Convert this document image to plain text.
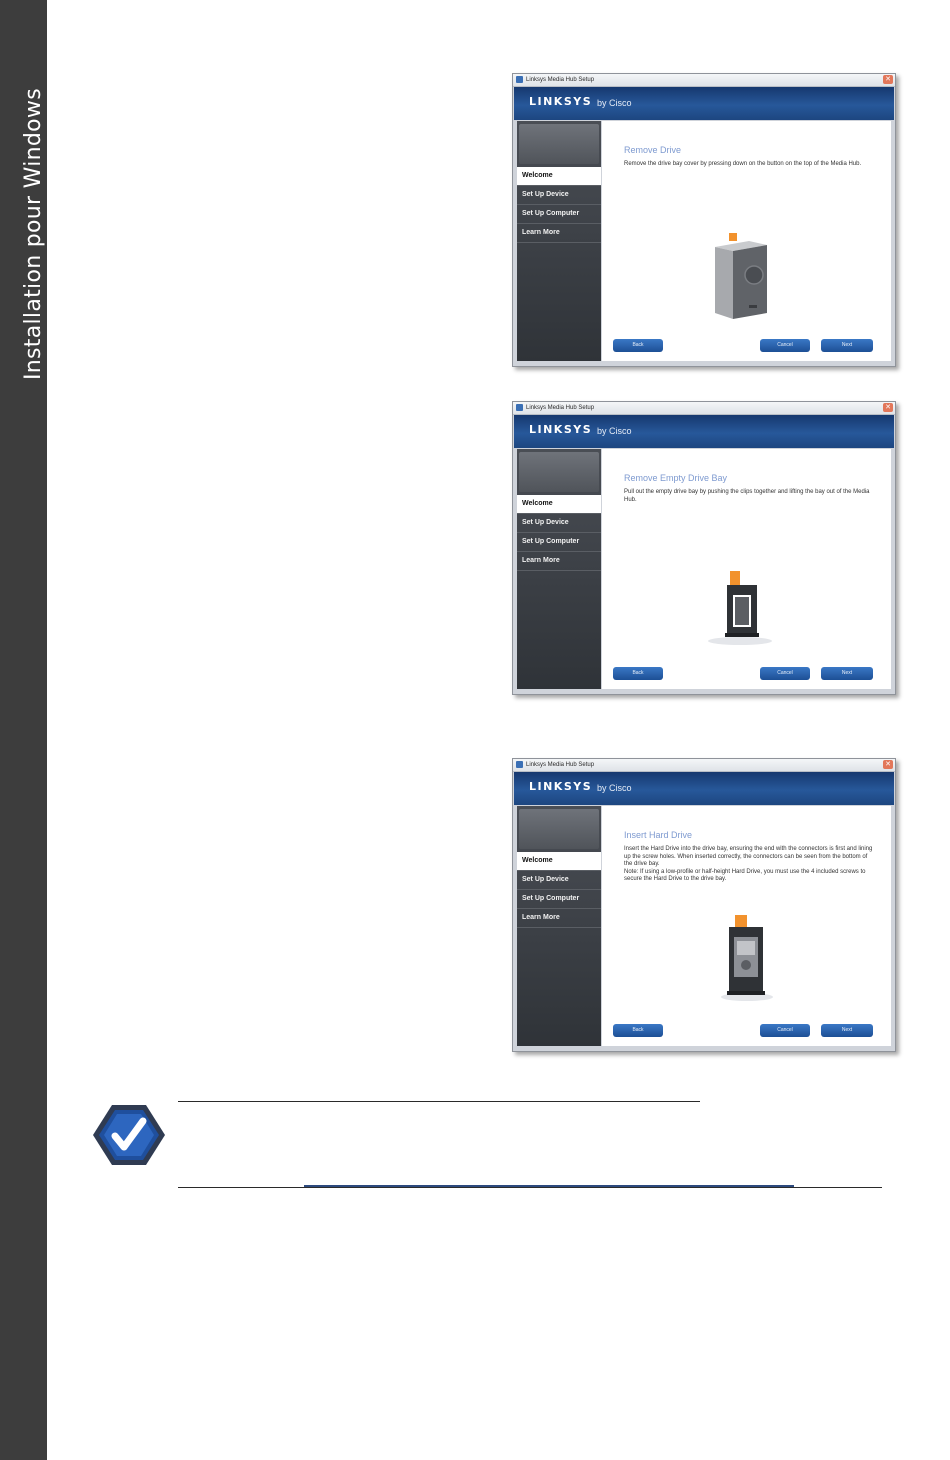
Installation pour Windows
Linksys Media Hub Setup	✕
LINKSYS by Cisco
Welcome
Set Up Device
Set Up Computer
Learn More
Remove Drive
Remove the drive bay cover by pressing down on the button on the top of the Media Hub.
Back	Cancel	Next
Linksys Media Hub Setup	✕
LINKSYS by Cisco
Welcome
Set Up Device
Set Up Computer
Learn More
Remove Empty Drive Bay
Pull out the empty drive bay by pushing the clips together and lifting the bay out of the Media Hub.
Back	Cancel	Next
Linksys Media Hub Setup	✕
LINKSYS by Cisco
Welcome
Set Up Device
Set Up Computer
Learn More
Insert Hard Drive
Insert the Hard Drive into the drive bay, ensuring the end with the connectors is first and lining up the screw holes. When inserted correctly, the connectors can be seen from the bottom of the drive bay.
Note: If using a low-profile or half-height Hard Drive, you must use the 4 included screws to secure the Hard Drive to the drive bay.
Back	Cancel	Next
